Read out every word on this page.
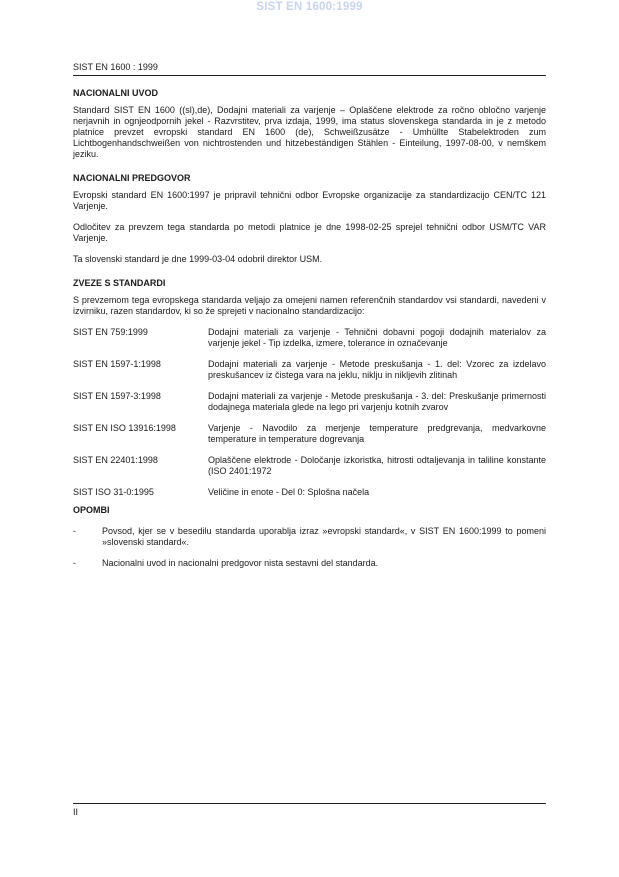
SIST EN 1600:1999
SIST EN 1600 : 1999
NACIONALNI UVOD

Standard SIST EN 1600 ((sl),de), Dodajni materiali za varjenje – Oplaščene elektrode za ročno obločno varjenje nerjavnih in ognjeodpornih jekel - Razvrstitev, prva izdaja, 1999, ima status slovenskega standarda in je z metodo platnice prevzet evropski standard EN 1600 (de), Schweißzusätze - Umhüllte Stabelektroden zum Lichtbogenhandschweißen von nichtrostenden und hitzebeständigen Stählen - Einteilung, 1997-08-00, v nemškem jeziku.

NACIONALNI PREDGOVOR

Evropski standard EN 1600:1997 je pripravil tehnični odbor Evropske organizacije za standardizacijo CEN/TC 121 Varjenje.

Odločitev za prevzem tega standarda po metodi platnice je dne 1998-02-25 sprejel tehnični odbor USM/TC VAR Varjenje.

Ta slovenski standard je dne 1999-03-04 odobril direktor USM.

ZVEZE S STANDARDI

S prevzemom tega evropskega standarda veljajo za omejeni namen referenčnih standardov vsi standardi, navedeni v izvirniku, razen standardov, ki so že sprejeti v nacionalno standardizacijo:

SIST EN 759:1999	Dodajni materiali za varjenje - Tehnični dobavni pogoji dodajnih materialov za varjenje jekel - Tip izdelka, izmere, tolerance in označevanje
SIST EN 1597-1:1998	Dodajni materiali za varjenje - Metode preskušanja - 1. del: Vzorec za izdelavo preskušancev iz čistega vara na jeklu, niklju in nikljevih zlitinah
SIST EN 1597-3:1998	Dodajni materiali za varjenje - Metode preskušanja - 3. del: Preskušanje primernosti dodajnega materiala glede na lego pri varjenju kotnih zvarov
SIST EN ISO 13916:1998	Varjenje - Navodilo za merjenje temperature predgrevanja, medvarkovne temperature in temperature dogrevanja
SIST EN 22401:1998	Oplaščene elektrode - Določanje izkoristka, hitrosti odtaljevanja in taliline konstante (ISO 2401:1972
SIST ISO 31-0:1995	Veličine in enote - Del 0: Splošna načela
OPOMBI
-	Povsod, kjer se v besedilu standarda uporablja izraz »evropski standard«, v SIST EN 1600:1999 to pomeni »slovenski standard«.
-	Nacionalni uvod in nacionalni predgovor nista sestavni del standarda.
II
